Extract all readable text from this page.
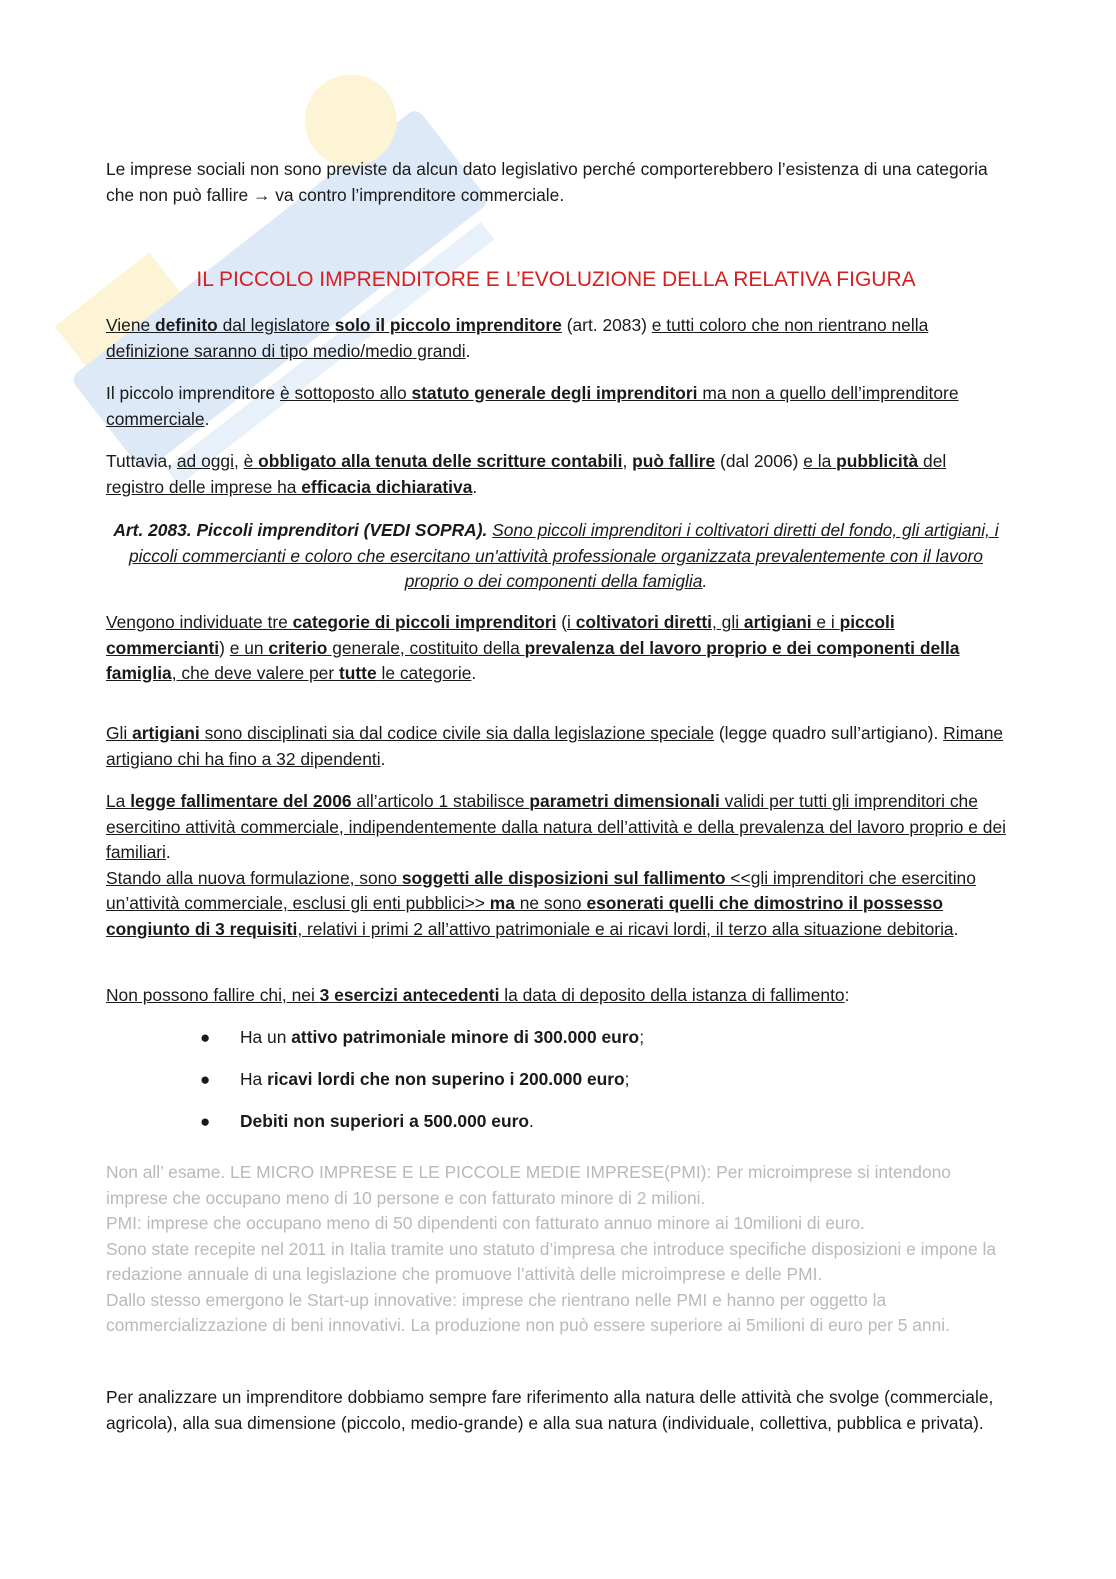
Le imprese sociali non sono previste da alcun dato legislativo perché comporterebbero l’esistenza di una categoria che non può fallire → va contro l’imprenditore commerciale.

IL PICCOLO IMPRENDITORE E L’EVOLUZIONE DELLA RELATIVA FIGURA

Viene definito dal legislatore solo il piccolo imprenditore (art. 2083) e tutti coloro che non rientrano nella definizione saranno di tipo medio/medio grandi.

Il piccolo imprenditore è sottoposto allo statuto generale degli imprenditori ma non a quello dell’imprenditore commerciale.

Tuttavia, ad oggi, è obbligato alla tenuta delle scritture contabili, può fallire (dal 2006) e la pubblicità del registro delle imprese ha efficacia dichiarativa.

Art. 2083. Piccoli imprenditori (VEDI SOPRA). Sono piccoli imprenditori i coltivatori diretti del fondo, gli artigiani, i piccoli commercianti e coloro che esercitano un'attività professionale organizzata prevalentemente con il lavoro proprio o dei componenti della famiglia.

Vengono individuate tre categorie di piccoli imprenditori (i coltivatori diretti, gli artigiani e i piccoli commercianti) e un criterio generale, costituito della prevalenza del lavoro proprio e dei componenti della famiglia, che deve valere per tutte le categorie.

Gli artigiani sono disciplinati sia dal codice civile sia dalla legislazione speciale (legge quadro sull’artigiano). Rimane artigiano chi ha fino a 32 dipendenti.

La legge fallimentare del 2006 all’articolo 1 stabilisce parametri dimensionali validi per tutti gli imprenditori che esercitino attività commerciale, indipendentemente dalla natura dell’attività e della prevalenza del lavoro proprio e dei familiari.
Stando alla nuova formulazione, sono soggetti alle disposizioni sul fallimento <<gli imprenditori che esercitino un’attività commerciale, esclusi gli enti pubblici>> ma ne sono esonerati quelli che dimostrino il possesso congiunto di 3 requisiti, relativi i primi 2 all’attivo patrimoniale e ai ricavi lordi, il terzo alla situazione debitoria.

Non possono fallire chi, nei 3 esercizi antecedenti la data di deposito della istanza di fallimento:

● Ha un attivo patrimoniale minore di 300.000 euro;
● Ha ricavi lordi che non superino i 200.000 euro;
● Debiti non superiori a 500.000 euro.

Non all’ esame. LE MICRO IMPRESE E LE PICCOLE MEDIE IMPRESE(PMI): Per microimprese si intendono imprese che occupano meno di 10 persone e con fatturato minore di 2 milioni.
PMI: imprese che occupano meno di 50 dipendenti con fatturato annuo minore ai 10milioni di euro.
Sono state recepite nel 2011 in Italia tramite uno statuto d’impresa che introduce specifiche disposizioni e impone la redazione annuale di una legislazione che promuove l’attività delle microimprese e delle PMI.
Dallo stesso emergono le Start-up innovative: imprese che rientrano nelle PMI e hanno per oggetto la commercializzazione di beni innovativi. La produzione non può essere superiore ai 5milioni di euro per 5 anni.

Per analizzare un imprenditore dobbiamo sempre fare riferimento alla natura delle attività che svolge (commerciale, agricola), alla sua dimensione (piccolo, medio-grande) e alla sua natura (individuale, collettiva, pubblica e privata).
